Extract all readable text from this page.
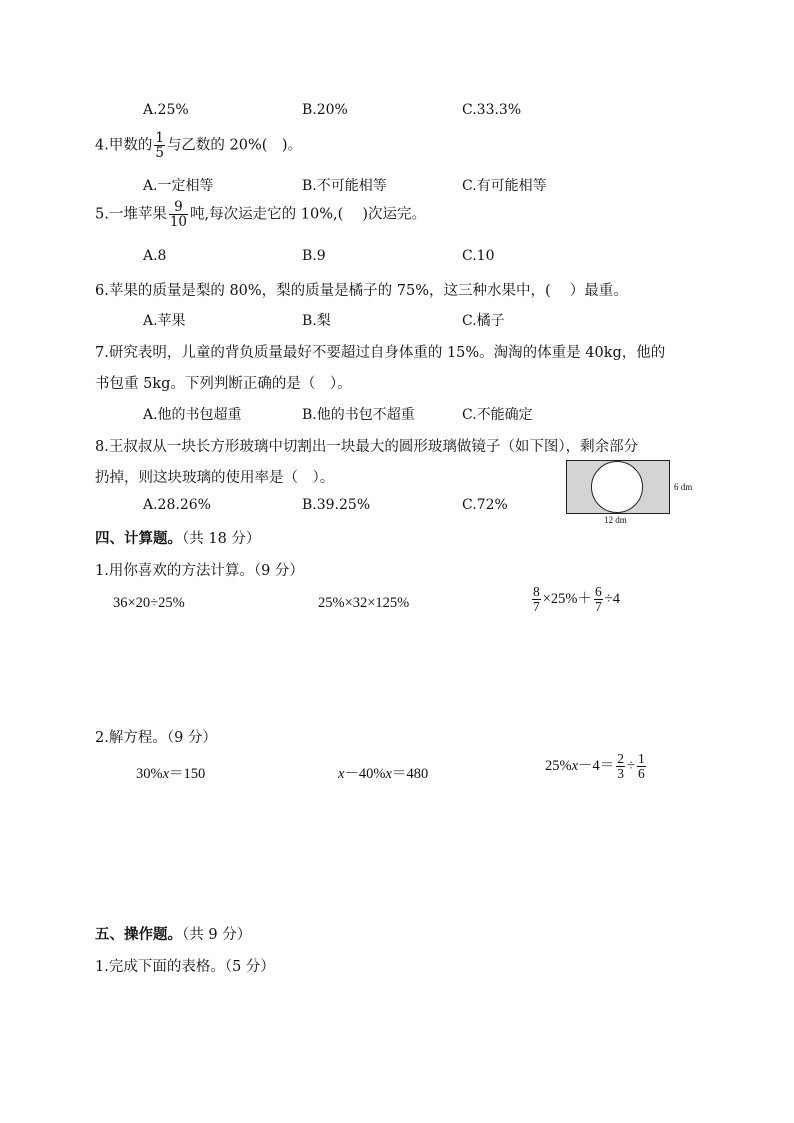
A.25%	B.20%	C.33.3%
4.甲数的 $\frac{1}{5}$ 与乙数的 20%(　)。
A.一定相等	B.不可能相等	C.有可能相等
5.一堆苹果 $\frac{9}{10}$ 吨,每次运走它的 10%,(　 )次运完。
A.8	B.9	C.10
6.苹果的质量是梨的 80%，梨的质量是橘子的 75%，这三种水果中，(　 ）最重。
A.苹果	B.梨	C.橘子
7.研究表明，儿童的背负质量最好不要超过自身体重的 15%。淘淘的体重是 40kg，他的
书包重 5kg。下列判断正确的是（　）。
A.他的书包超重	B.他的书包不超重	C.不能确定
8.王叔叔从一块长方形玻璃中切割出一块最大的圆形玻璃做镜子（如下图），剩余部分
扔掉，则这块玻璃的使用率是（　）。
A.28.26%	B.39.25%	C.72%
6 dm
12 dm
四、计算题。（共 18 分）
1.用你喜欢的方法计算。（9 分）
36×20÷25%	25%×32×125%	$\frac{8}{7} \times 25\%+ \frac{6}{7} \div 4$
2.解方程。（9 分）
30%x＝150	x－40%x＝480	$25\%x-4= \frac{2}{3} \div \frac{1}{6}$
五、操作题。（共 9 分）
1.完成下面的表格。（5 分）
